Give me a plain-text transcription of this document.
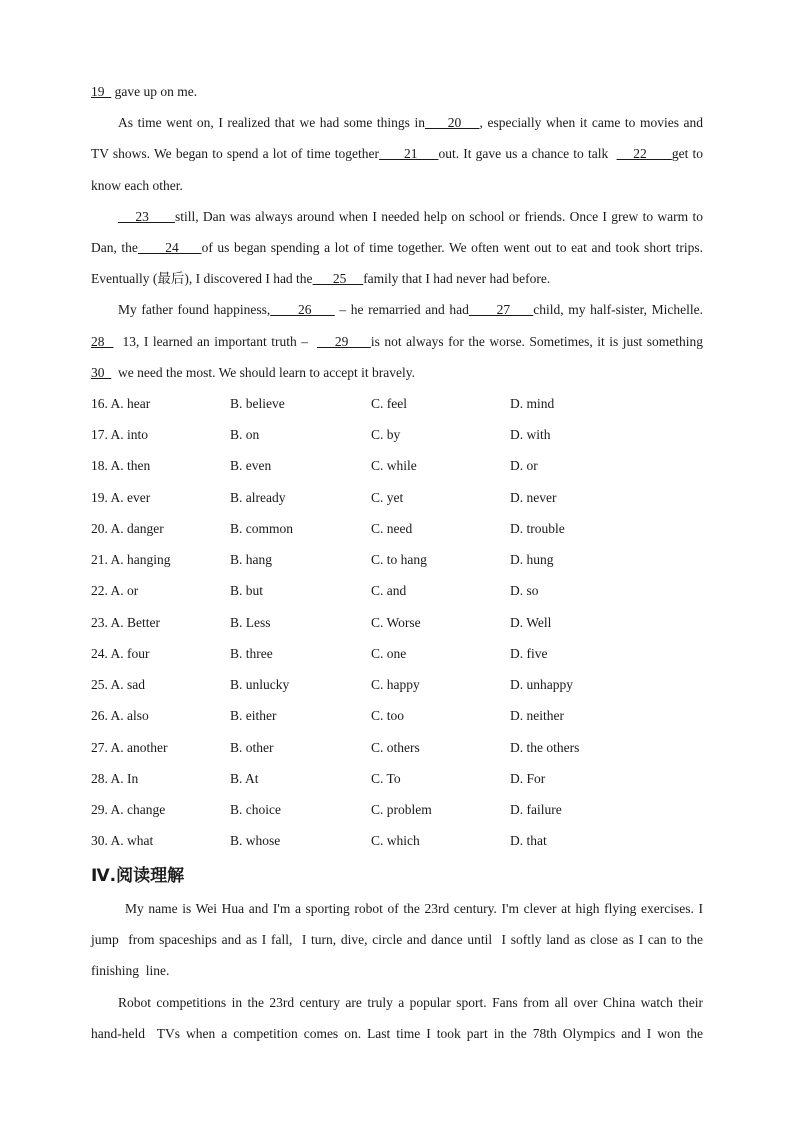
19   gave up on me.
As time went on, I realized that we had some things in     20    , especially when it came to movies and
TV shows. We began to spend a lot of time together      21     out. It gave us a chance to talk      22      get to
know each other.
23      still, Dan was always around when I needed help on school or friends. Once I grew to warm to
Dan, the      24     of us began spending a lot of time together. We often went out to eat and took short trips.
Eventually (最后), I discovered I had the      25     family that I had never had before.
My father found happiness,      26      – he remarried and had      27     child, my half-sister, Michelle.
28    13, I learned an important truth –      29     is not always for the worse. Sometimes, it is just something
30    we need the most. We should learn to accept it bravely.
16. A. hear	B. believe	C. feel	D. mind
17. A. into	B. on	C. by	D. with
18. A. then	B. even	C. while	D. or
19. A. ever	B. already	C. yet	D. never
20. A. danger	B. common	C. need	D. trouble
21. A. hanging	B. hang	C. to hang	D. hung
22. A. or	B. but	C. and	D. so
23. A. Better	B. Less	C. Worse	D. Well
24. A. four	B. three	C. one	D. five
25. A. sad	B. unlucky	C. happy	D. unhappy
26. A. also	B. either	C. too	D. neither
27. A. another	B. other	C. others	D. the others
28. A. In	B. At	C. To	D. For
29. A. change	B. choice	C. problem	D. failure
30. A. what	B. whose	C. which	D. that
Ⅳ.阅读理解
My name is Wei Hua and I'm a sporting robot of the 23rd century. I'm clever at high flying exercises. I
jump  from spaceships and as I fall,  I turn, dive, circle and dance until  I softly land as close as I can to the
finishing  line.
Robot competitions in the 23rd century are truly a popular sport. Fans from all over China watch their
hand-held  TVs when a competition comes on. Last time I took part in the 78th Olympics and I won the
